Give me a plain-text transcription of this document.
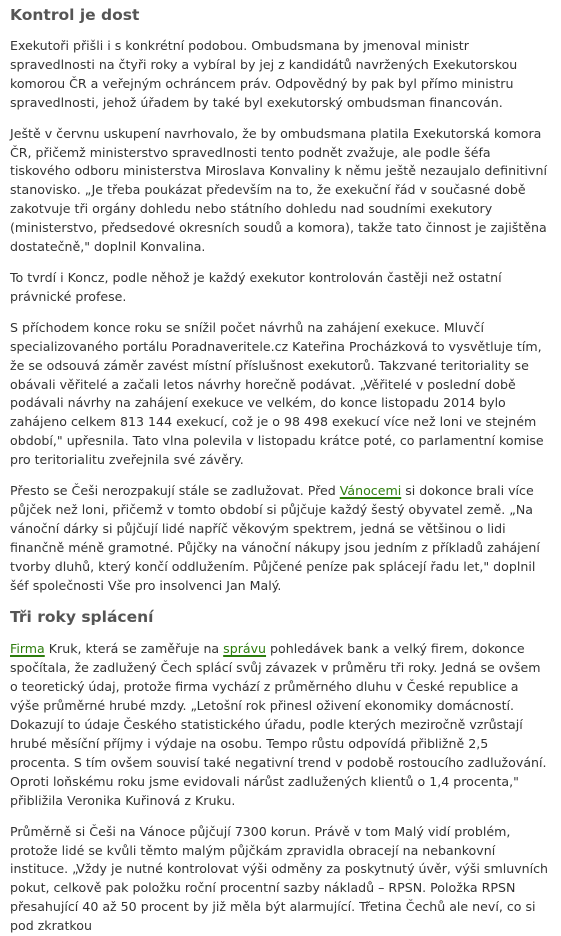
Kontrol je dost

Exekutoři přišli i s konkrétní podobou. Ombudsmana by jmenoval ministr spravedlnosti na čtyři roky a vybíral by jej z kandidátů navržených Exekutorskou komorou ČR a veřejným ochráncem práv. Odpovědný by pak byl přímo ministru spravedlnosti, jehož úřadem by také byl exekutorský ombudsman financován.

Ještě v červnu uskupení navrhovalo, že by ombudsmana platila Exekutorská komora ČR, přičemž ministerstvo spravedlnosti tento podnět zvažuje, ale podle šéfa tiskového odboru ministerstva Miroslava Konvaliny k němu ještě nezaujalo definitivní stanovisko. „Je třeba poukázat především na to, že exekuční řád v současné době zakotvuje tři orgány dohledu nebo státního dohledu nad soudními exekutory (ministerstvo, předsedové okresních soudů a komora), takže tato činnost je zajištěna dostatečně," doplnil Konvalina.

To tvrdí i Koncz, podle něhož je každý exekutor kontrolován častěji než ostatní právnické profese.

S příchodem konce roku se snížil počet návrhů na zahájení exekuce. Mluvčí specializovaného portálu Poradnaveritele.cz Kateřina Procházková to vysvětluje tím, že se odsouvá záměr zavést místní příslušnost exekutorů. Takzvané teritoriality se obávali věřitelé a začali letos návrhy horečně podávat. „Věřitelé v poslední době podávali návrhy na zahájení exekuce ve velkém, do konce listopadu 2014 bylo zahájeno celkem 813 144 exekucí, což je o 98 498 exekucí více než loni ve stejném období," upřesnila. Tato vlna polevila v listopadu krátce poté, co parlamentní komise pro teritorialitu zveřejnila své závěry.

Přesto se Češi nerozpakují stále se zadlužovat. Před Vánocemi si dokonce brali více půjček než loni, přičemž v tomto období si půjčuje každý šestý obyvatel země. „Na vánoční dárky si půjčují lidé napříč věkovým spektrem, jedná se většinou o lidi finančně méně gramotné. Půjčky na vánoční nákupy jsou jedním z příkladů zahájení tvorby dluhů, který končí oddlužením. Půjčené peníze pak splácejí řadu let," doplnil šéf společnosti Vše pro insolvenci Jan Malý.

Tři roky splácení

Firma Kruk, která se zaměřuje na správu pohledávek bank a velký firem, dokonce spočítala, že zadlužený Čech splácí svůj závazek v průměru tři roky. Jedná se ovšem o teoretický údaj, protože firma vychází z průměrného dluhu v České republice a výše průměrné hrubé mzdy. „Letošní rok přinesl oživení ekonomiky domácností. Dokazují to údaje Českého statistického úřadu, podle kterých meziročně vzrůstají hrubé měsíční příjmy i výdaje na osobu. Tempo růstu odpovídá přibližně 2,5 procenta. S tím ovšem souvisí také negativní trend v podobě rostoucího zadlužování. Oproti loňskému roku jsme evidovali nárůst zadlužených klientů o 1,4 procenta," přibližila Veronika Kuřinová z Kruku.

Průměrně si Češi na Vánoce půjčují 7300 korun. Právě v tom Malý vidí problém, protože lidé se kvůli těmto malým půjčkám zpravidla obracejí na nebankovní instituce. „Vždy je nutné kontrolovat výši odměny za poskytnutý úvěr, výši smluvních pokut, celkově pak položku roční procentní sazby nákladů – RPSN. Položka RPSN přesahující 40 až 50 procent by již měla být alarmující. Třetina Čechů ale neví, co si pod zkratkou
